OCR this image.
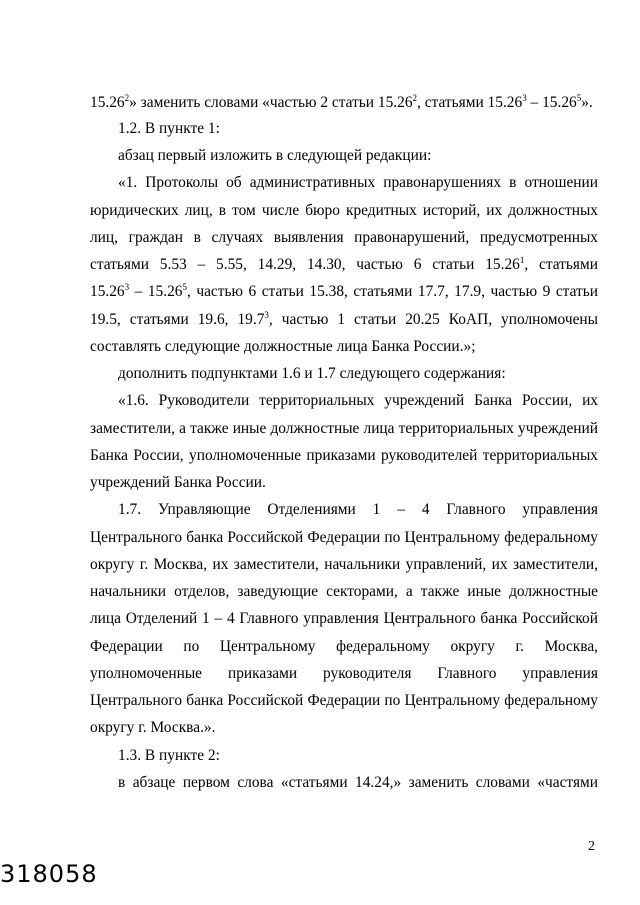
15.26$^2$» заменить словами «частью 2 статьи 15.26$^2$, статьями 15.26$^3$ – 15.26$^5$».
1.2. В пункте 1:
абзац первый изложить в следующей редакции:
«1. Протоколы об административных правонарушениях в отношении
юридических лиц, в том числе бюро кредитных историй, их должностных
лиц, граждан в случаях выявления правонарушений, предусмотренных
статьями 5.53 – 5.55, 14.29, 14.30, частью 6 статьи 15.26$^1$, статьями
15.26$^3$ – 15.26$^5$, частью 6 статьи 15.38, статьями 17.7, 17.9, частью 9 статьи
19.5, статьями 19.6, 19.7$^3$, частью 1 статьи 20.25 КоАП, уполномочены
составлять следующие должностные лица Банка России.»;
дополнить подпунктами 1.6 и 1.7 следующего содержания:
«1.6. Руководители территориальных учреждений Банка России, их
заместители, а также иные должностные лица территориальных учреждений
Банка России, уполномоченные приказами руководителей территориальных
учреждений Банка России.
1.7. Управляющие Отделениями 1 – 4 Главного управления
Центрального банка Российской Федерации по Центральному федеральному
округу г. Москва, их заместители, начальники управлений, их заместители,
начальники отделов, заведующие секторами, а также иные должностные
лица Отделений 1 – 4 Главного управления Центрального банка Российской
Федерации по Центральному федеральному округу г. Москва,
уполномоченные приказами руководителя Главного управления
Центрального банка Российской Федерации по Центральному федеральному
округу г. Москва.».
1.3. В пункте 2:
в абзаце первом слова «статьями 14.24,» заменить словами «частями
2
318058
